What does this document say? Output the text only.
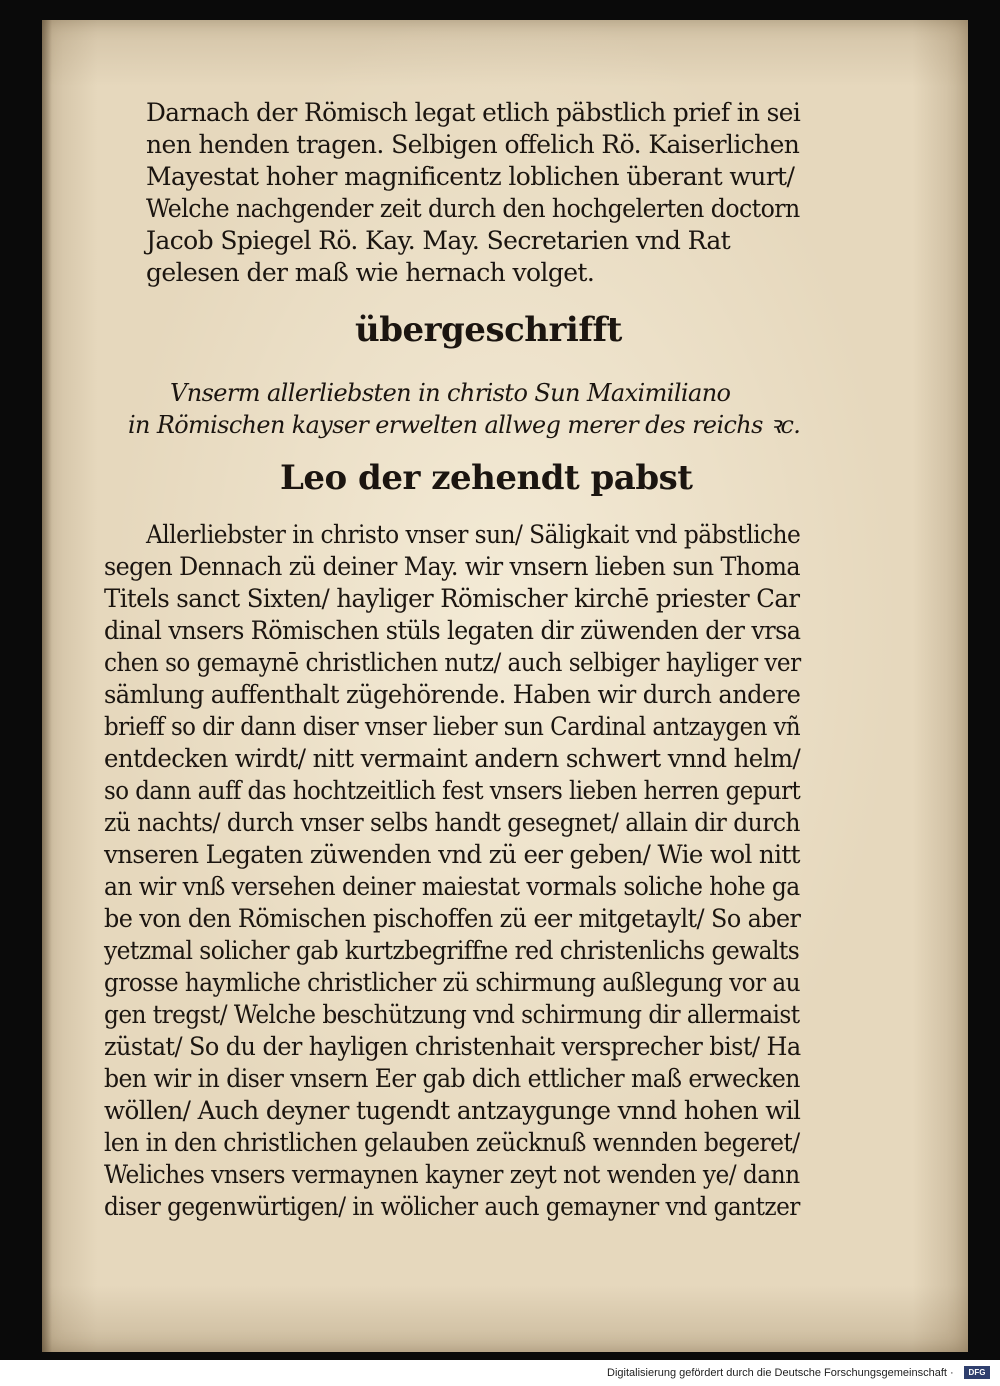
Darnach der Römisch legat etlich päbstlich prief in sei
nen henden tragen. Selbigen offelich Rö. Kaiserlichen
Mayestat hoher magnificentz loblichen überant wurt/
Welche nachgender zeit durch den hochgelerten doctorn
Jacob Spiegel Rö. Kay. May. Secretarien vnd Rat
gelesen der maß wie hernach volget.
übergeschrifft
Vnserm allerliebsten in christo Sun Maximiliano
in Römischen kayser erwelten allweg merer des reichs ꝛc.
Leo der zehendt pabst
Allerliebster in christo vnser sun/ Säligkait vnd päbstliche
segen Dennach zü deiner May. wir vnsern lieben sun Thoma
Titels sanct Sixten/ hayliger Römischer kirchē priester Car
dinal vnsers Römischen stüls legaten dir züwenden der vrsa
chen so gemaynē christlichen nutz/ auch selbiger hayliger ver
sämlung auffenthalt zügehörende. Haben wir durch andere
brieff so dir dann diser vnser lieber sun Cardinal antzaygen vñ
entdecken wirdt/ nitt vermaint andern schwert vnnd helm/
so dann auff das hochtzeitlich fest vnsers lieben herren gepurt
zü nachts/ durch vnser selbs handt gesegnet/ allain dir durch
vnseren Legaten züwenden vnd zü eer geben/ Wie wol nitt
an wir vnß versehen deiner maiestat vormals soliche hohe ga
be von den Römischen pischoffen zü eer mitgetaylt/ So aber
yetzmal solicher gab kurtzbegriffne red christenlichs gewalts
grosse haymliche christlicher zü schirmung außlegung vor au
gen tregst/ Welche beschützung vnd schirmung dir allermaist
züstat/ So du der hayligen christenhait versprecher bist/ Ha
ben wir in diser vnsern Eer gab dich ettlicher maß erwecken
wöllen/ Auch deyner tugendt antzaygunge vnnd hohen wil
len in den christlichen gelauben zeücknuß wennden begeret/
Weliches vnsers vermaynen kayner zeyt not wenden ye/ dann
diser gegenwürtigen/ in wölicher auch gemayner vnd gantzer
Digitalisierung gefördert durch die Deutsche Forschungsgemeinschaft ·	DFG
